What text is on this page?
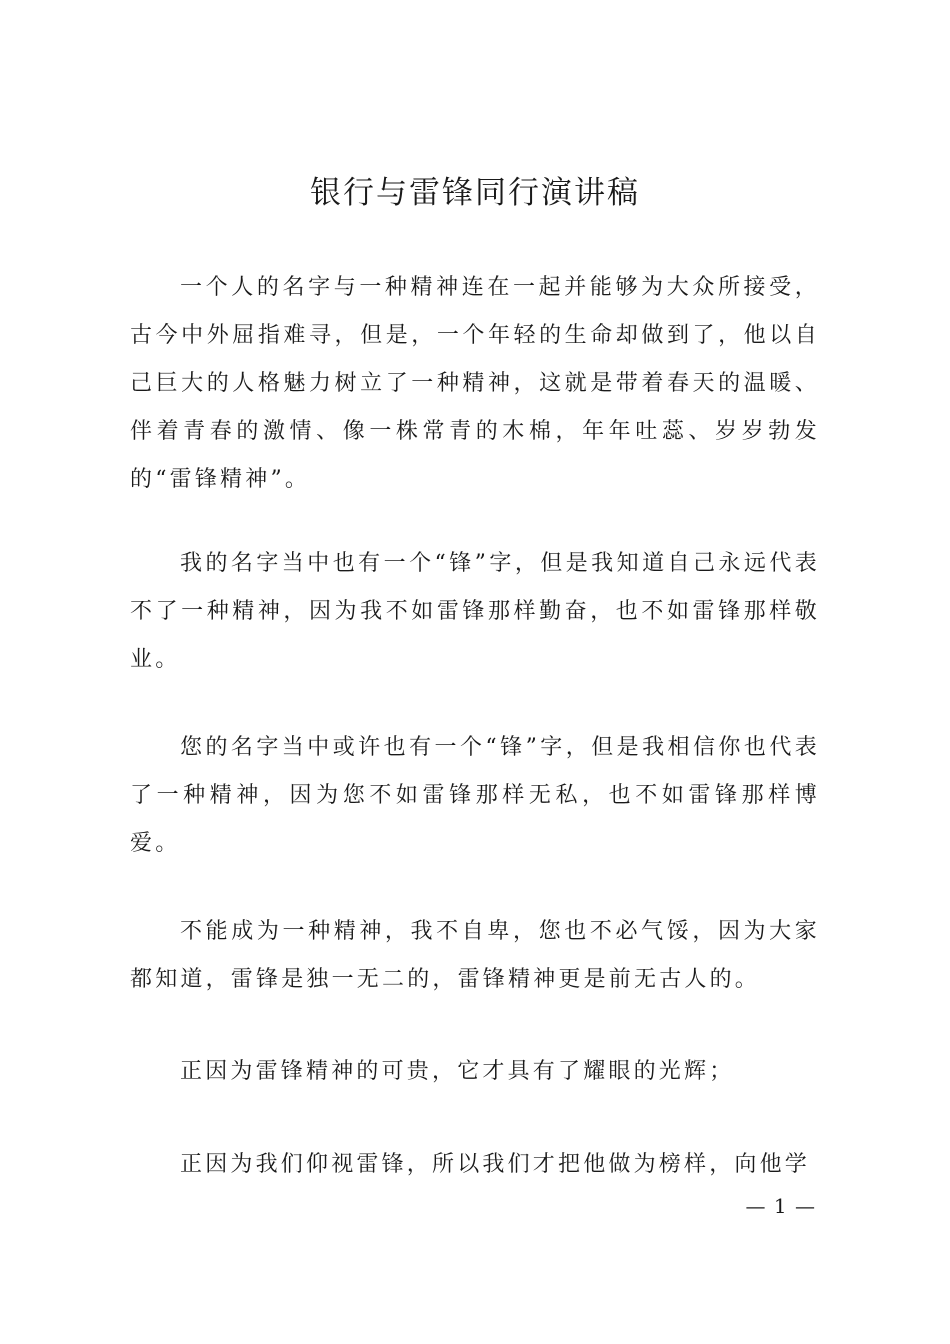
银行与雷锋同行演讲稿

一个人的名字与一种精神连在一起并能够为大众所接受，古今中外屈指难寻，但是，一个年轻的生命却做到了，他以自己巨大的人格魅力树立了一种精神，这就是带着春天的温暖、伴着青春的激情、像一株常青的木棉，年年吐蕊、岁岁勃发的“雷锋精神”。

我的名字当中也有一个“锋”字，但是我知道自己永远代表不了一种精神，因为我不如雷锋那样勤奋，也不如雷锋那样敬业。

您的名字当中或许也有一个“锋”字，但是我相信你也代表了一种精神，因为您不如雷锋那样无私，也不如雷锋那样博爱。

不能成为一种精神，我不自卑，您也不必气馁，因为大家都知道，雷锋是独一无二的，雷锋精神更是前无古人的。

正因为雷锋精神的可贵，它才具有了耀眼的光辉；

正因为我们仰视雷锋，所以我们才把他做为榜样，向他学

— 1 —
